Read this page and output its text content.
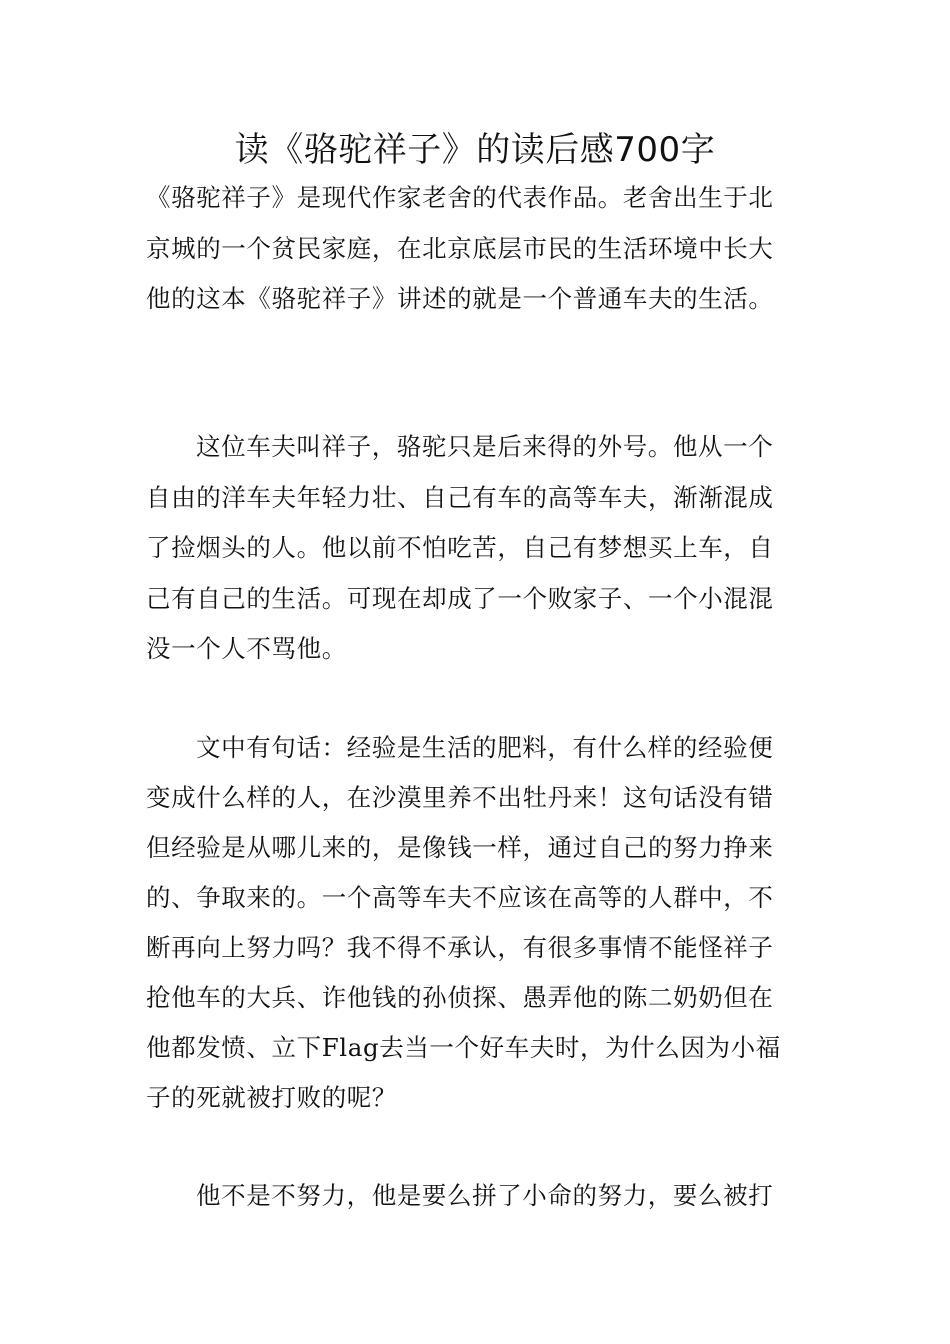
读《骆驼祥子》的读后感700字
《骆驼祥子》是现代作家老舍的代表作品。老舍出生于北
京城的一个贫民家庭，在北京底层市民的生活环境中长大
他的这本《骆驼祥子》讲述的就是一个普通车夫的生活。
这位车夫叫祥子，骆驼只是后来得的外号。他从一个
自由的洋车夫年轻力壮、自己有车的高等车夫，渐渐混成
了捡烟头的人。他以前不怕吃苦，自己有梦想买上车，自
己有自己的生活。可现在却成了一个败家子、一个小混混
没一个人不骂他。
文中有句话：经验是生活的肥料，有什么样的经验便
变成什么样的人，在沙漠里养不出牡丹来！这句话没有错
但经验是从哪儿来的，是像钱一样，通过自己的努力挣来
的、争取来的。一个高等车夫不应该在高等的人群中，不
断再向上努力吗？我不得不承认，有很多事情不能怪祥子
抢他车的大兵、诈他钱的孙侦探、愚弄他的陈二奶奶但在
他都发愤、立下Flag去当一个好车夫时，为什么因为小福
子的死就被打败的呢？
他不是不努力，他是要么拼了小命的努力，要么被打
